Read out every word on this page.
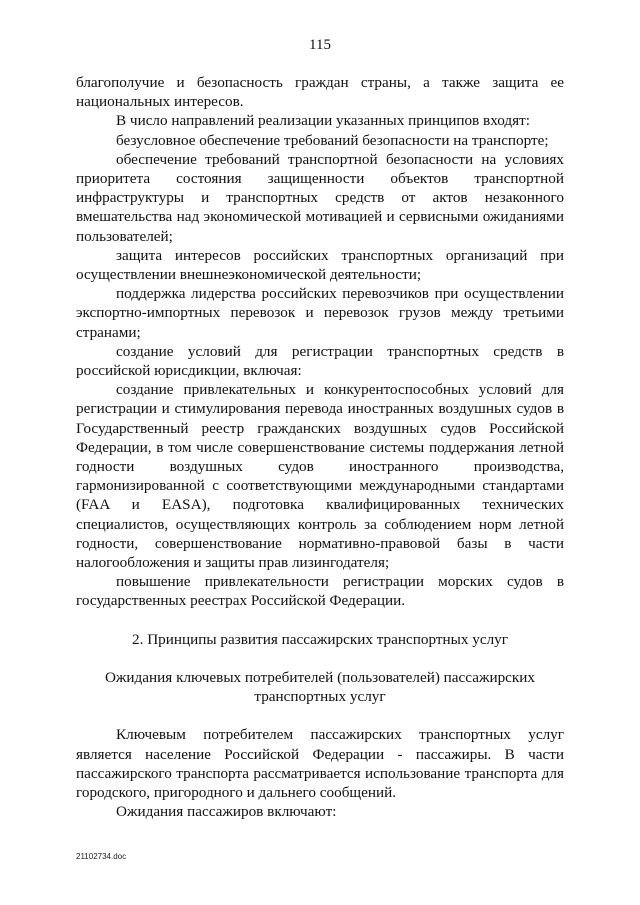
115

благополучие и безопасность граждан страны, а также защита ее национальных интересов.

В число направлений реализации указанных принципов входят:

безусловное обеспечение требований безопасности на транспорте;

обеспечение требований транспортной безопасности на условиях приоритета состояния защищенности объектов транспортной инфраструктуры и транспортных средств от актов незаконного вмешательства над экономической мотивацией и сервисными ожиданиями пользователей;

защита интересов российских транспортных организаций при осуществлении внешнеэкономической деятельности;

поддержка лидерства российских перевозчиков при осуществлении экспортно-импортных перевозок и перевозок грузов между третьими странами;

создание условий для регистрации транспортных средств в российской юрисдикции, включая:

создание привлекательных и конкурентоспособных условий для регистрации и стимулирования перевода иностранных воздушных судов в Государственный реестр гражданских воздушных судов Российской Федерации, в том числе совершенствование системы поддержания летной годности воздушных судов иностранного производства, гармонизированной с соответствующими международными стандартами (FAA и EASA), подготовка квалифицированных технических специалистов, осуществляющих контроль за соблюдением норм летной годности, совершенствование нормативно-правовой базы в части налогообложения и защиты прав лизингодателя;

повышение привлекательности регистрации морских судов в государственных реестрах Российской Федерации.

2. Принципы развития пассажирских транспортных услуг

Ожидания ключевых потребителей (пользователей) пассажирских транспортных услуг

Ключевым потребителем пассажирских транспортных услуг является население Российской Федерации - пассажиры. В части пассажирского транспорта рассматривается использование транспорта для городского, пригородного и дальнего сообщений.

Ожидания пассажиров включают:

21102734.doc
